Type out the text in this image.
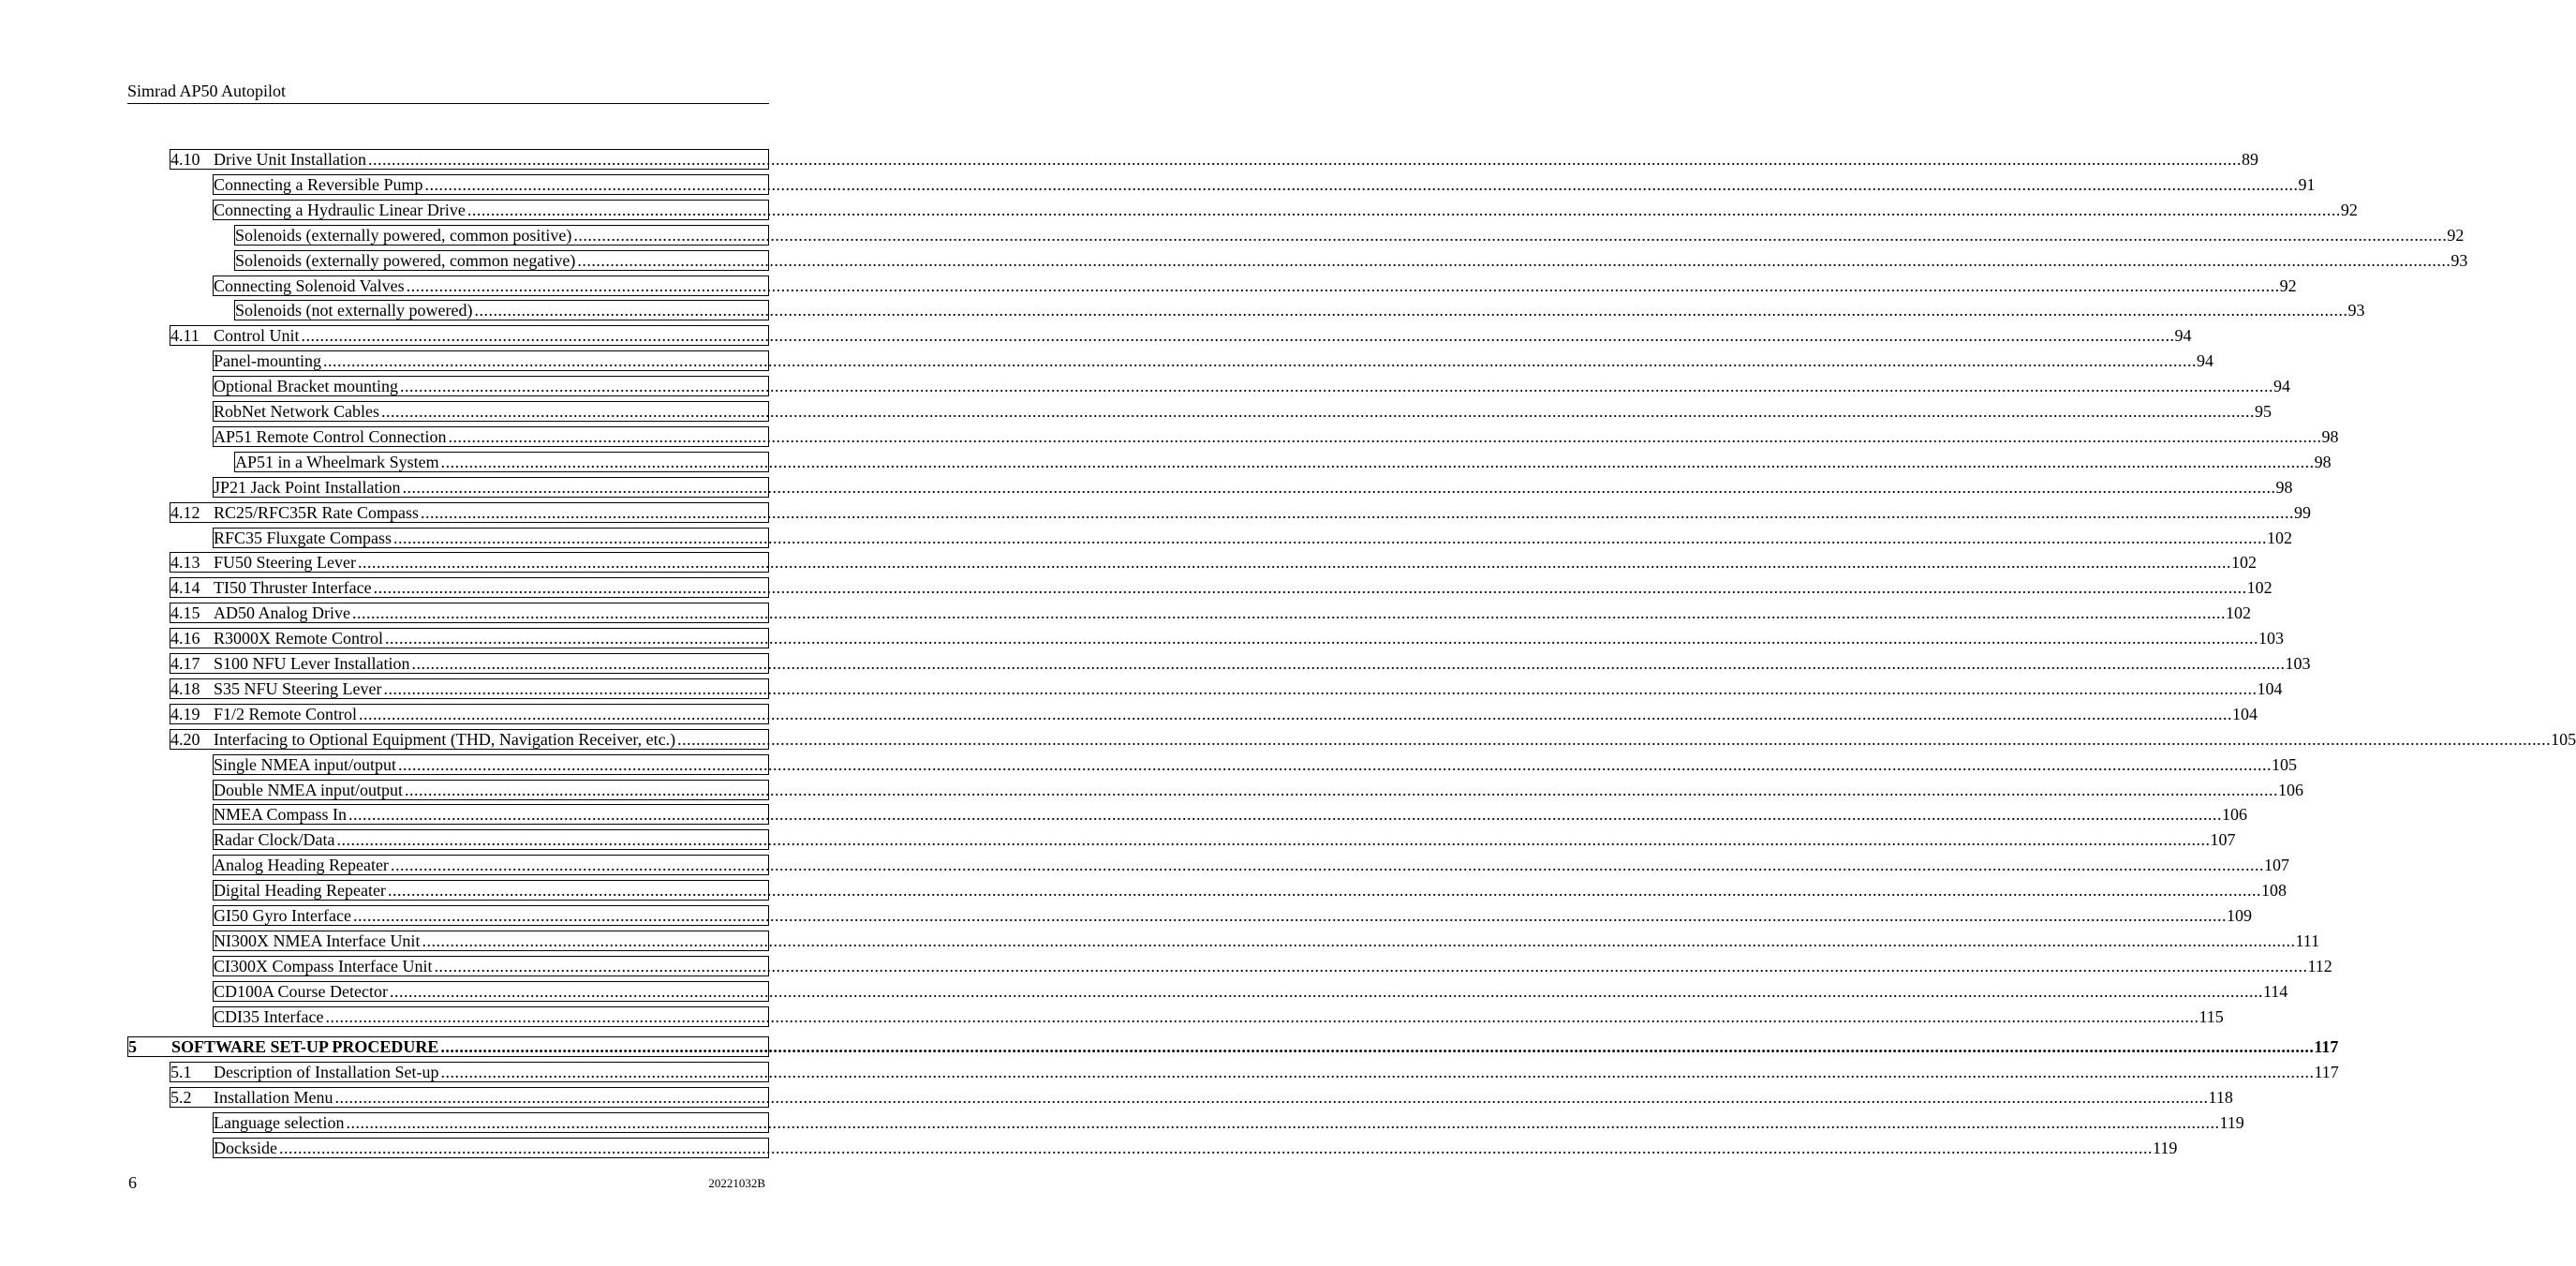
Simrad AP50 Autopilot
4.10 Drive Unit Installation ................................................................................................................................................................................................................................................................................................................................................................................................................ 89
Connecting a Reversible Pump ................................................................................................................................................................................................................................................................................................................................................................................................................ 91
Connecting a Hydraulic Linear Drive ................................................................................................................................................................................................................................................................................................................................................................................................................ 92
Solenoids (externally powered, common positive) ................................................................................................................................................................................................................................................................................................................................................................................................................ 92
Solenoids (externally powered, common negative) ................................................................................................................................................................................................................................................................................................................................................................................................................ 93
Connecting Solenoid Valves ................................................................................................................................................................................................................................................................................................................................................................................................................ 92
Solenoids (not externally powered) ................................................................................................................................................................................................................................................................................................................................................................................................................ 93
4.11 Control Unit ................................................................................................................................................................................................................................................................................................................................................................................................................ 94
Panel-mounting ................................................................................................................................................................................................................................................................................................................................................................................................................ 94
Optional Bracket mounting ................................................................................................................................................................................................................................................................................................................................................................................................................ 94
RobNet Network Cables ................................................................................................................................................................................................................................................................................................................................................................................................................ 95
AP51 Remote Control Connection ................................................................................................................................................................................................................................................................................................................................................................................................................ 98
AP51 in a Wheelmark System ................................................................................................................................................................................................................................................................................................................................................................................................................ 98
JP21 Jack Point Installation ................................................................................................................................................................................................................................................................................................................................................................................................................ 98
4.12 RC25/RFC35R Rate Compass ................................................................................................................................................................................................................................................................................................................................................................................................................ 99
RFC35 Fluxgate Compass ................................................................................................................................................................................................................................................................................................................................................................................................................ 102
4.13 FU50 Steering Lever ................................................................................................................................................................................................................................................................................................................................................................................................................ 102
4.14 TI50 Thruster Interface ................................................................................................................................................................................................................................................................................................................................................................................................................ 102
4.15 AD50 Analog Drive ................................................................................................................................................................................................................................................................................................................................................................................................................ 102
4.16 R3000X Remote Control ................................................................................................................................................................................................................................................................................................................................................................................................................ 103
4.17 S100 NFU Lever Installation ................................................................................................................................................................................................................................................................................................................................................................................................................ 103
4.18 S35 NFU Steering Lever ................................................................................................................................................................................................................................................................................................................................................................................................................ 104
4.19 F1/2 Remote Control ................................................................................................................................................................................................................................................................................................................................................................................................................ 104
4.20 Interfacing to Optional Equipment (THD, Navigation Receiver, etc.) ................................................................................................................................................................................................................................................................................................................................................................................................................ 105
Single NMEA input/output ................................................................................................................................................................................................................................................................................................................................................................................................................ 105
Double NMEA input/output ................................................................................................................................................................................................................................................................................................................................................................................................................ 106
NMEA Compass In ................................................................................................................................................................................................................................................................................................................................................................................................................ 106
Radar Clock/Data ................................................................................................................................................................................................................................................................................................................................................................................................................ 107
Analog Heading Repeater ................................................................................................................................................................................................................................................................................................................................................................................................................ 107
Digital Heading Repeater ................................................................................................................................................................................................................................................................................................................................................................................................................ 108
GI50 Gyro Interface ................................................................................................................................................................................................................................................................................................................................................................................................................ 109
NI300X NMEA Interface Unit ................................................................................................................................................................................................................................................................................................................................................................................................................ 111
CI300X Compass Interface Unit ................................................................................................................................................................................................................................................................................................................................................................................................................ 112
CD100A Course Detector ................................................................................................................................................................................................................................................................................................................................................................................................................ 114
CDI35 Interface ................................................................................................................................................................................................................................................................................................................................................................................................................ 115
5	SOFTWARE SET-UP PROCEDURE ................................................................................................................................................................................................................................................................................................................................................................................................................ 117
5.1	Description of Installation Set-up ................................................................................................................................................................................................................................................................................................................................................................................................................ 117
5.2	Installation Menu ................................................................................................................................................................................................................................................................................................................................................................................................................ 118
Language selection ................................................................................................................................................................................................................................................................................................................................................................................................................ 119
Dockside ................................................................................................................................................................................................................................................................................................................................................................................................................ 119
6	20221032B
